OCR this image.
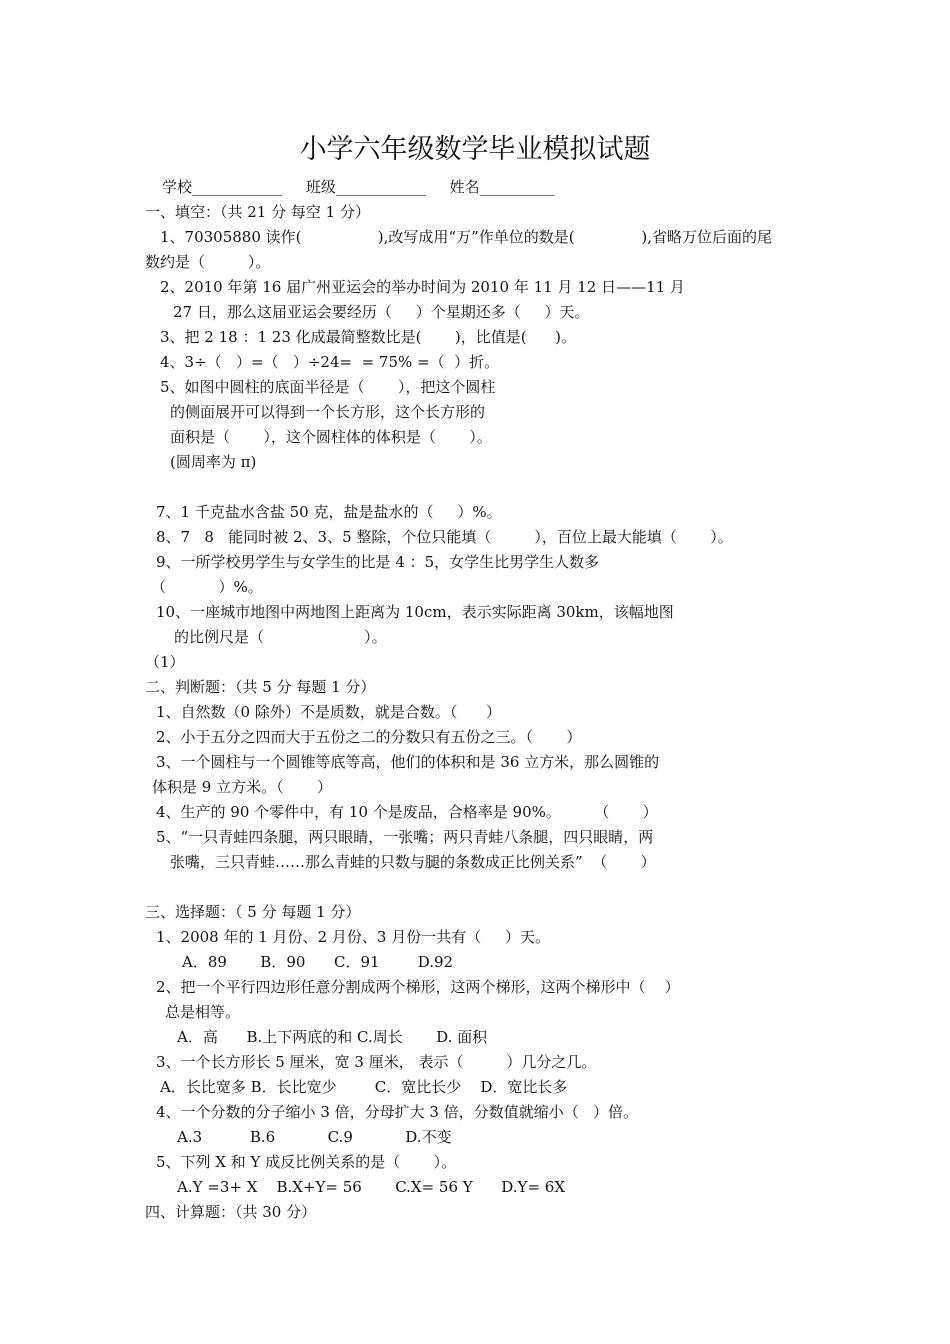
小学六年级数学毕业模拟试题
学校____________     班级____________     姓名__________
一、填空：（共 21 分 每空 1 分）
1、70305880 读作(                ),改写成用“万”作单位的数是(              ),省略万位后面的尾
数约是（         ）。
2、2010 年第 16 届广州亚运会的举办时间为 2010 年 11 月 12 日——11 月
27 日，那么这届亚运会要经历（     ）个星期还多（     ）天。
3、把 2 18 ：1 23 化成最简整数比是(       )，比值是(      )。
4、3÷（   ）=（   ）÷24=  = 75% =（  ）折。
5、如图中圆柱的底面半径是（       ），把这个圆柱
的侧面展开可以得到一个长方形，这个长方形的
面积是（       ），这个圆柱体的体积是（       ）。
(圆周率为 π)
7、1 千克盐水含盐 50 克，盐是盐水的（     ）%。
8、7   8   能同时被 2、3、5 整除，个位只能填（         ），百位上最大能填（       ）。
9、一所学校男学生与女学生的比是 4 ：5，女学生比男学生人数多
（           ）%。
10、一座城市地图中两地图上距离为 10cm，表示实际距离 30km，该幅地图
的比例尺是（                     ）。
（1）
二、判断题：（共 5 分 每题 1 分）
1、自然数（0 除外）不是质数，就是合数。（      ）
2、小于五分之四而大于五份之二的分数只有五份之三。（       ）
3、一个圆柱与一个圆锥等底等高，他们的体积和是 36 立方米，那么圆锥的
体积是 9 立方米。（       ）
4、生产的 90 个零件中，有 10 个是废品，合格率是 90%。       （       ）
5、“一只青蛙四条腿，两只眼睛，一张嘴；两只青蛙八条腿，四只眼睛，两
张嘴，三只青蛙……那么青蛙的只数与腿的条数成正比例关系”  （       ）
三、选择题：（ 5 分 每题 1 分）
1、2008 年的 1 月份、2 月份、3 月份一共有（     ）天。
A．89       B．90      C．91        D.92
2、把一个平行四边形任意分割成两个梯形，这两个梯形，这两个梯形中（    ）
总是相等。
A．高      B.上下两底的和 C.周长       D. 面积
3、一个长方形长 5 厘米，宽 3 厘米， 表示（         ）几分之几。
A．长比宽多 B．长比宽少        C．宽比长少    D．宽比长多
4、一个分数的分子缩小 3 倍，分母扩大 3 倍，分数值就缩小（   ）倍。
A.3          B.6           C.9           D.不变
5、下列 X 和 Y 成反比例关系的是（       ）。
A.Y =3+ X    B.X+Y= 56       C.X= 56 Y      D.Y= 6X
四、计算题：（共 30 分）
